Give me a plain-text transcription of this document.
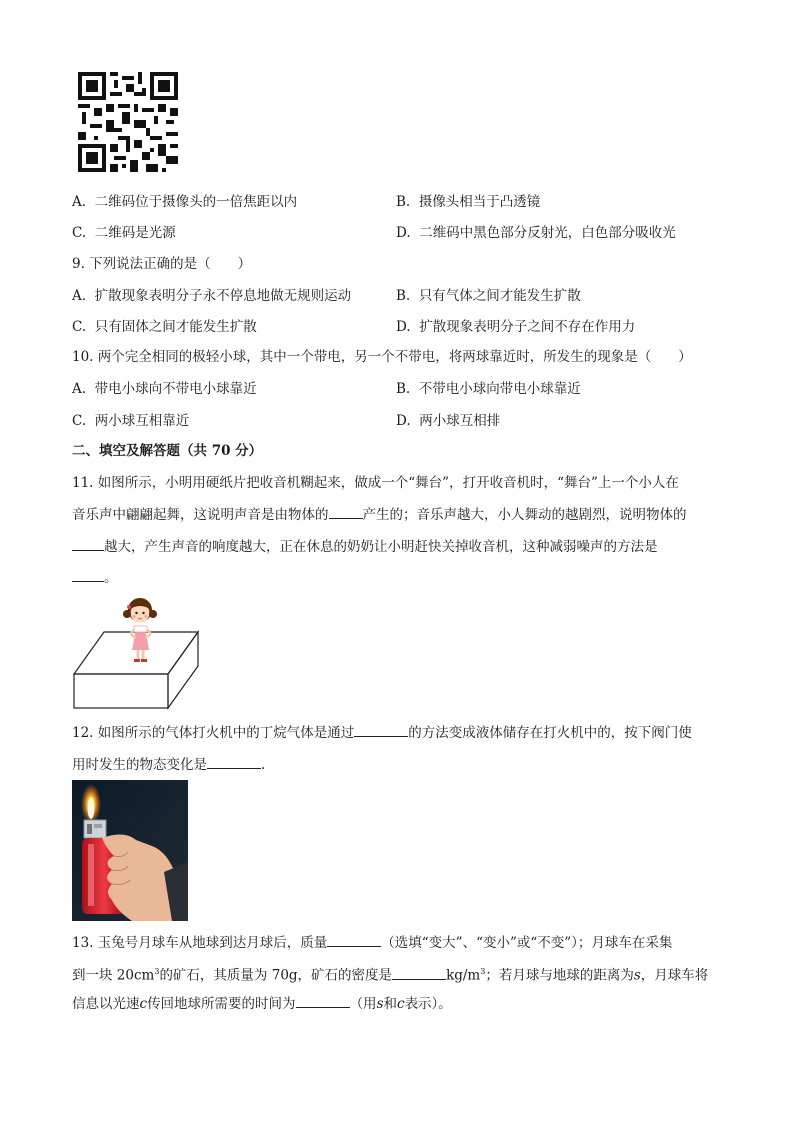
A. 二维码位于摄像头的一倍焦距以内	B. 摄像头相当于凸透镜
C. 二维码是光源	D. 二维码中黑色部分反射光，白色部分吸收光
9. 下列说法正确的是（　　）
A. 扩散现象表明分子永不停息地做无规则运动	B. 只有气体之间才能发生扩散
C. 只有固体之间才能发生扩散	D. 扩散现象表明分子之间不存在作用力
10. 两个完全相同的极轻小球，其中一个带电，另一个不带电，将两球靠近时，所发生的现象是（　　）
A. 带电小球向不带电小球靠近	B. 不带电小球向带电小球靠近
C. 两小球互相靠近	D. 两小球互相排
二、填空及解答题（共 70 分）
11. 如图所示，小明用硬纸片把收音机糊起来，做成一个“舞台”，打开收音机时，“舞台”上一个小人在
音乐声中翩翩起舞，这说明声音是由物体的	产生的；音乐声越大，小人舞动的越剧烈，说明物体的
越大，产生声音的响度越大，正在休息的奶奶让小明赶快关掉收音机，这种减弱噪声的方法是
。
12. 如图所示的气体打火机中的丁烷气体是通过	的方法变成液体储存在打火机中的，按下阀门使
用时发生的物态变化是	.
13. 玉兔号月球车从地球到达月球后，质量	（选填“变大”、“变小”或“不变”）；月球车在采集
到一块 $20cm^3$的矿石，其质量为 70g，矿石的密度是	$kg/m^3$；若月球与地球的距离为s，月球车将
信息以光速c传回地球所需要的时间为	（用s和c表示）。
